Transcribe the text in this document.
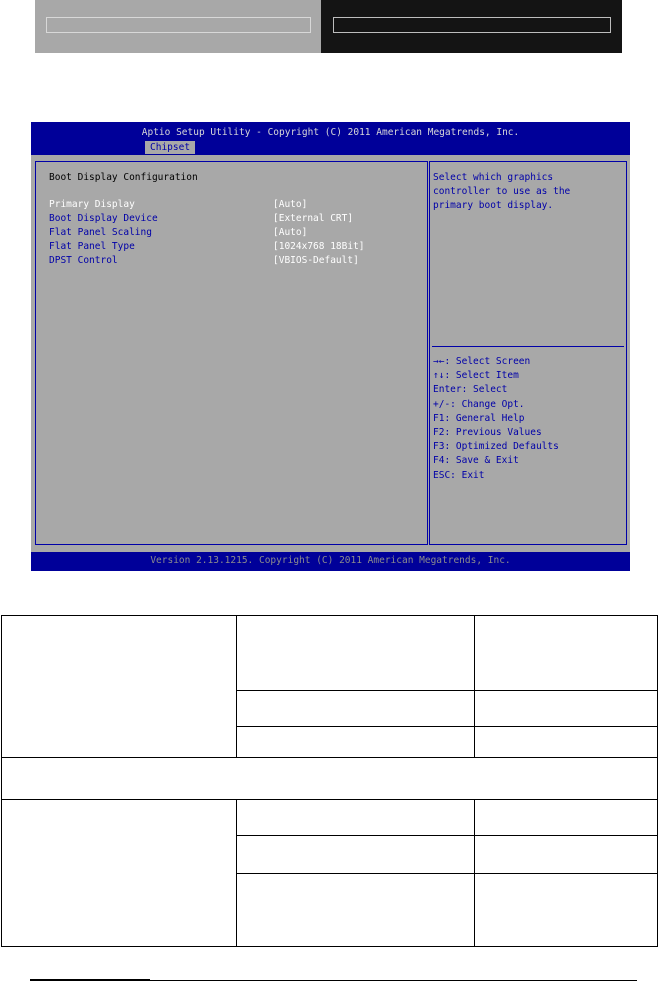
Aptio Setup Utility - Copyright (C) 2011 American Megatrends, Inc.
Chipset
Boot Display Configuration
Primary Display	[Auto]
Boot Display Device	[External CRT]
Flat Panel Scaling	[Auto]
Flat Panel Type	[1024x768 18Bit]
DPST Control	[VBIOS-Default]
Select which graphics
controller to use as the
primary boot display.
→←: Select Screen
↑↓: Select Item
Enter: Select
+/-: Change Opt.
F1: General Help
F2: Previous Values
F3: Optimized Defaults
F4: Save & Exit
ESC: Exit
Version 2.13.1215. Copyright (C) 2011 American Megatrends, Inc.
